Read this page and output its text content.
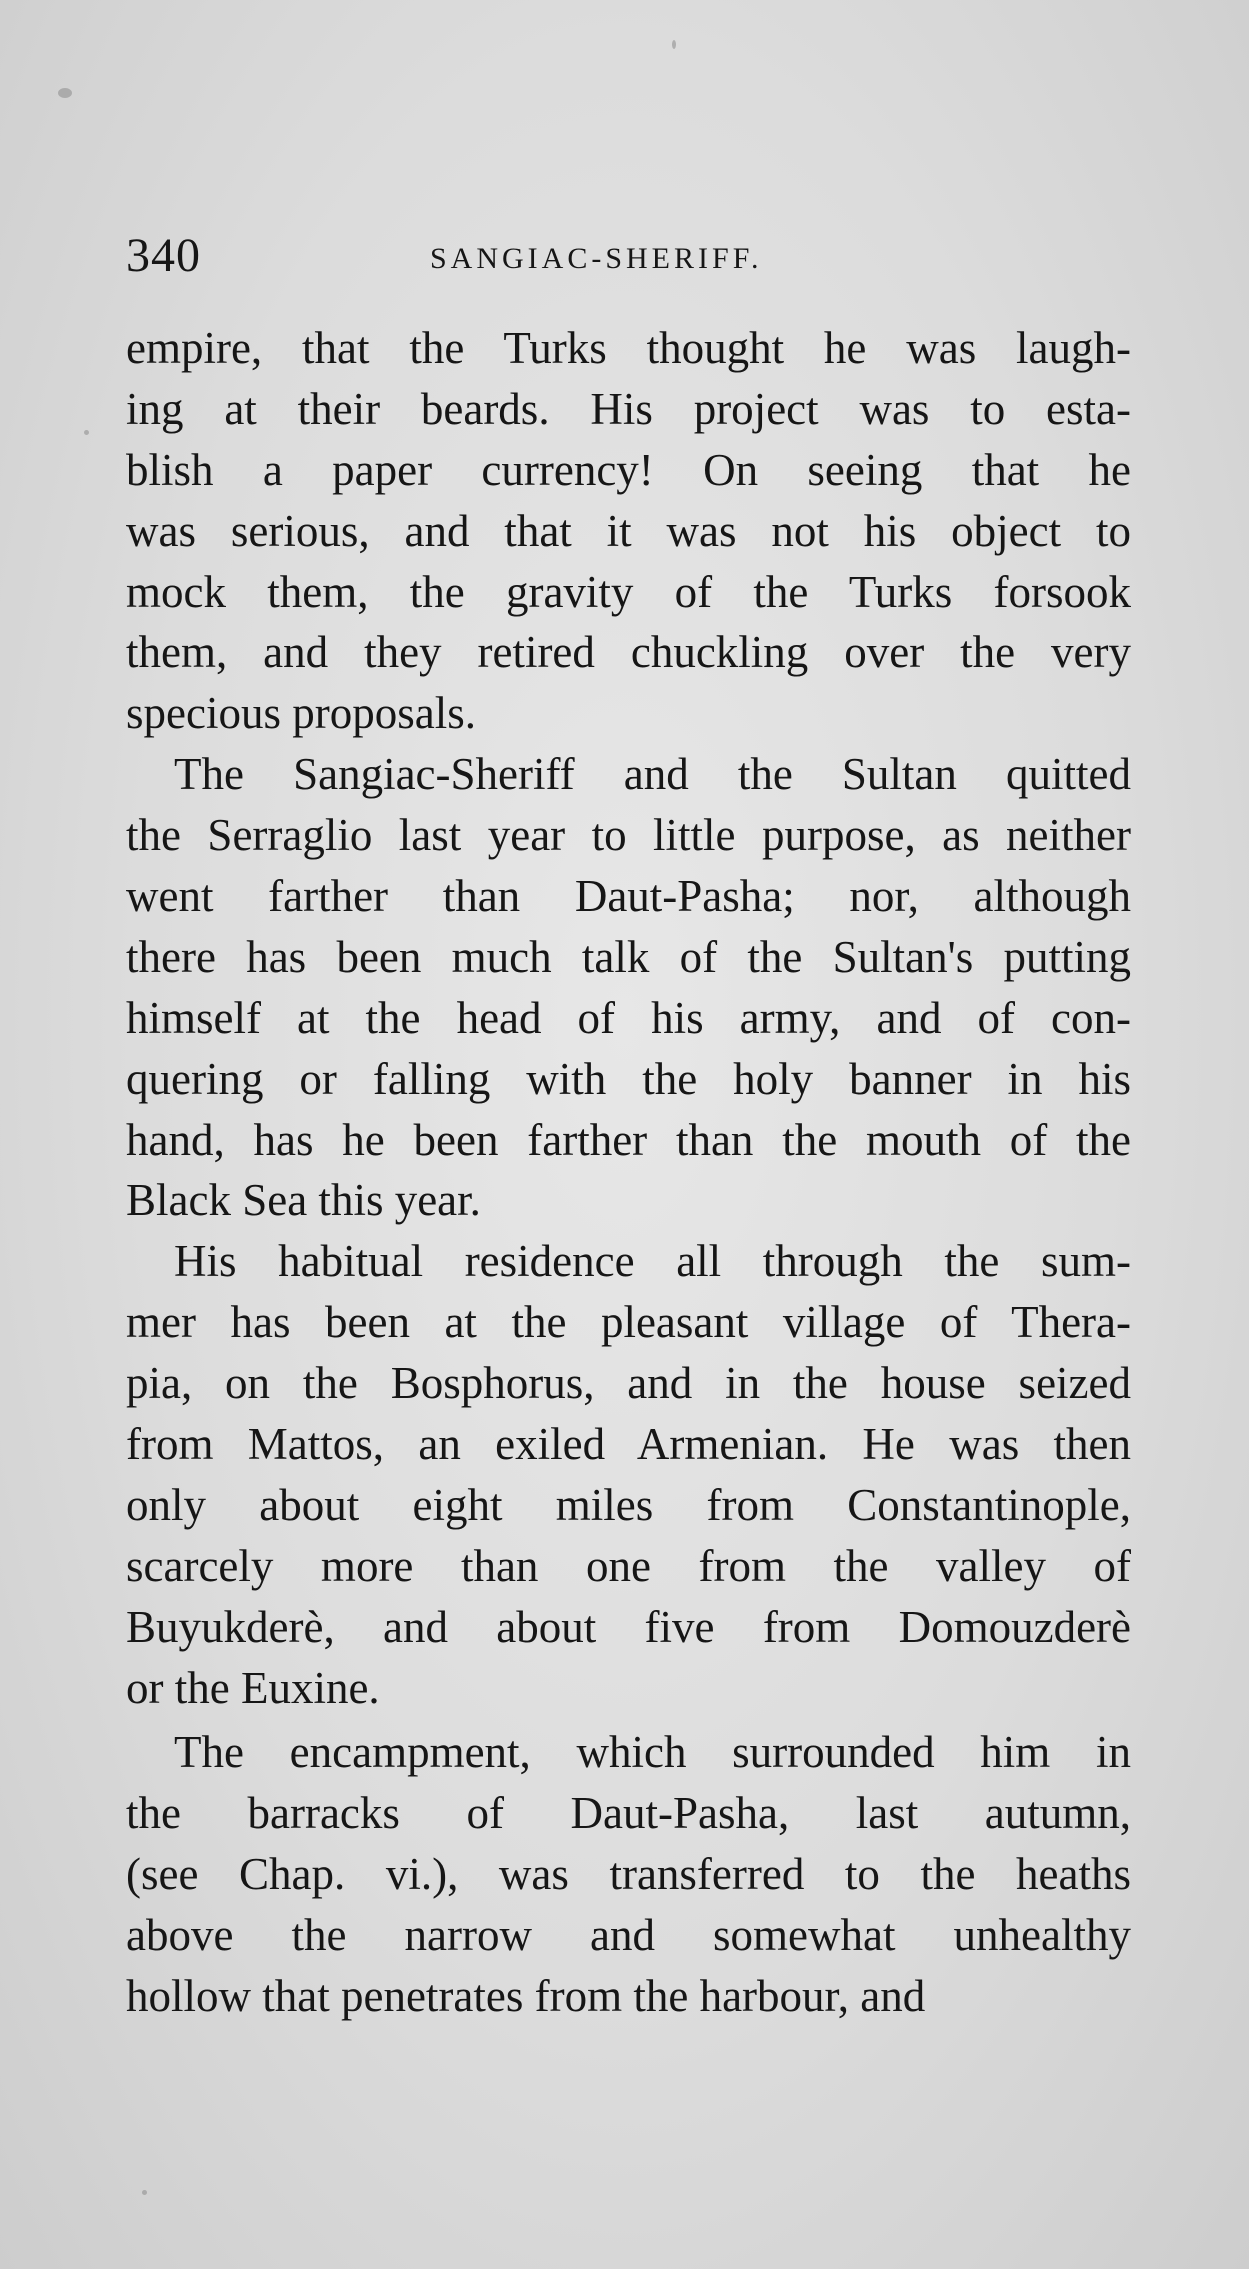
340	SANGIAC-SHERIFF.
empire, that the Turks thought he was laugh-
ing at their beards. His project was to esta-
blish a paper currency! On seeing that he
was serious, and that it was not his object to
mock them, the gravity of the Turks forsook
them, and they retired chuckling over the very
specious proposals.
The Sangiac-Sheriff and the Sultan quitted
the Serraglio last year to little purpose, as neither
went farther than Daut-Pasha; nor, although
there has been much talk of the Sultan's putting
himself at the head of his army, and of con-
quering or falling with the holy banner in his
hand, has he been farther than the mouth of the
Black Sea this year.
His habitual residence all through the sum-
mer has been at the pleasant village of Thera-
pia, on the Bosphorus, and in the house seized
from Mattos, an exiled Armenian. He was then
only about eight miles from Constantinople,
scarcely more than one from the valley of
Buyukderè, and about five from Domouzderè
or the Euxine.
The encampment, which surrounded him in
the barracks of Daut-Pasha, last autumn,
(see Chap. vi.), was transferred to the heaths
above the narrow and somewhat unhealthy
hollow that penetrates from the harbour, and
